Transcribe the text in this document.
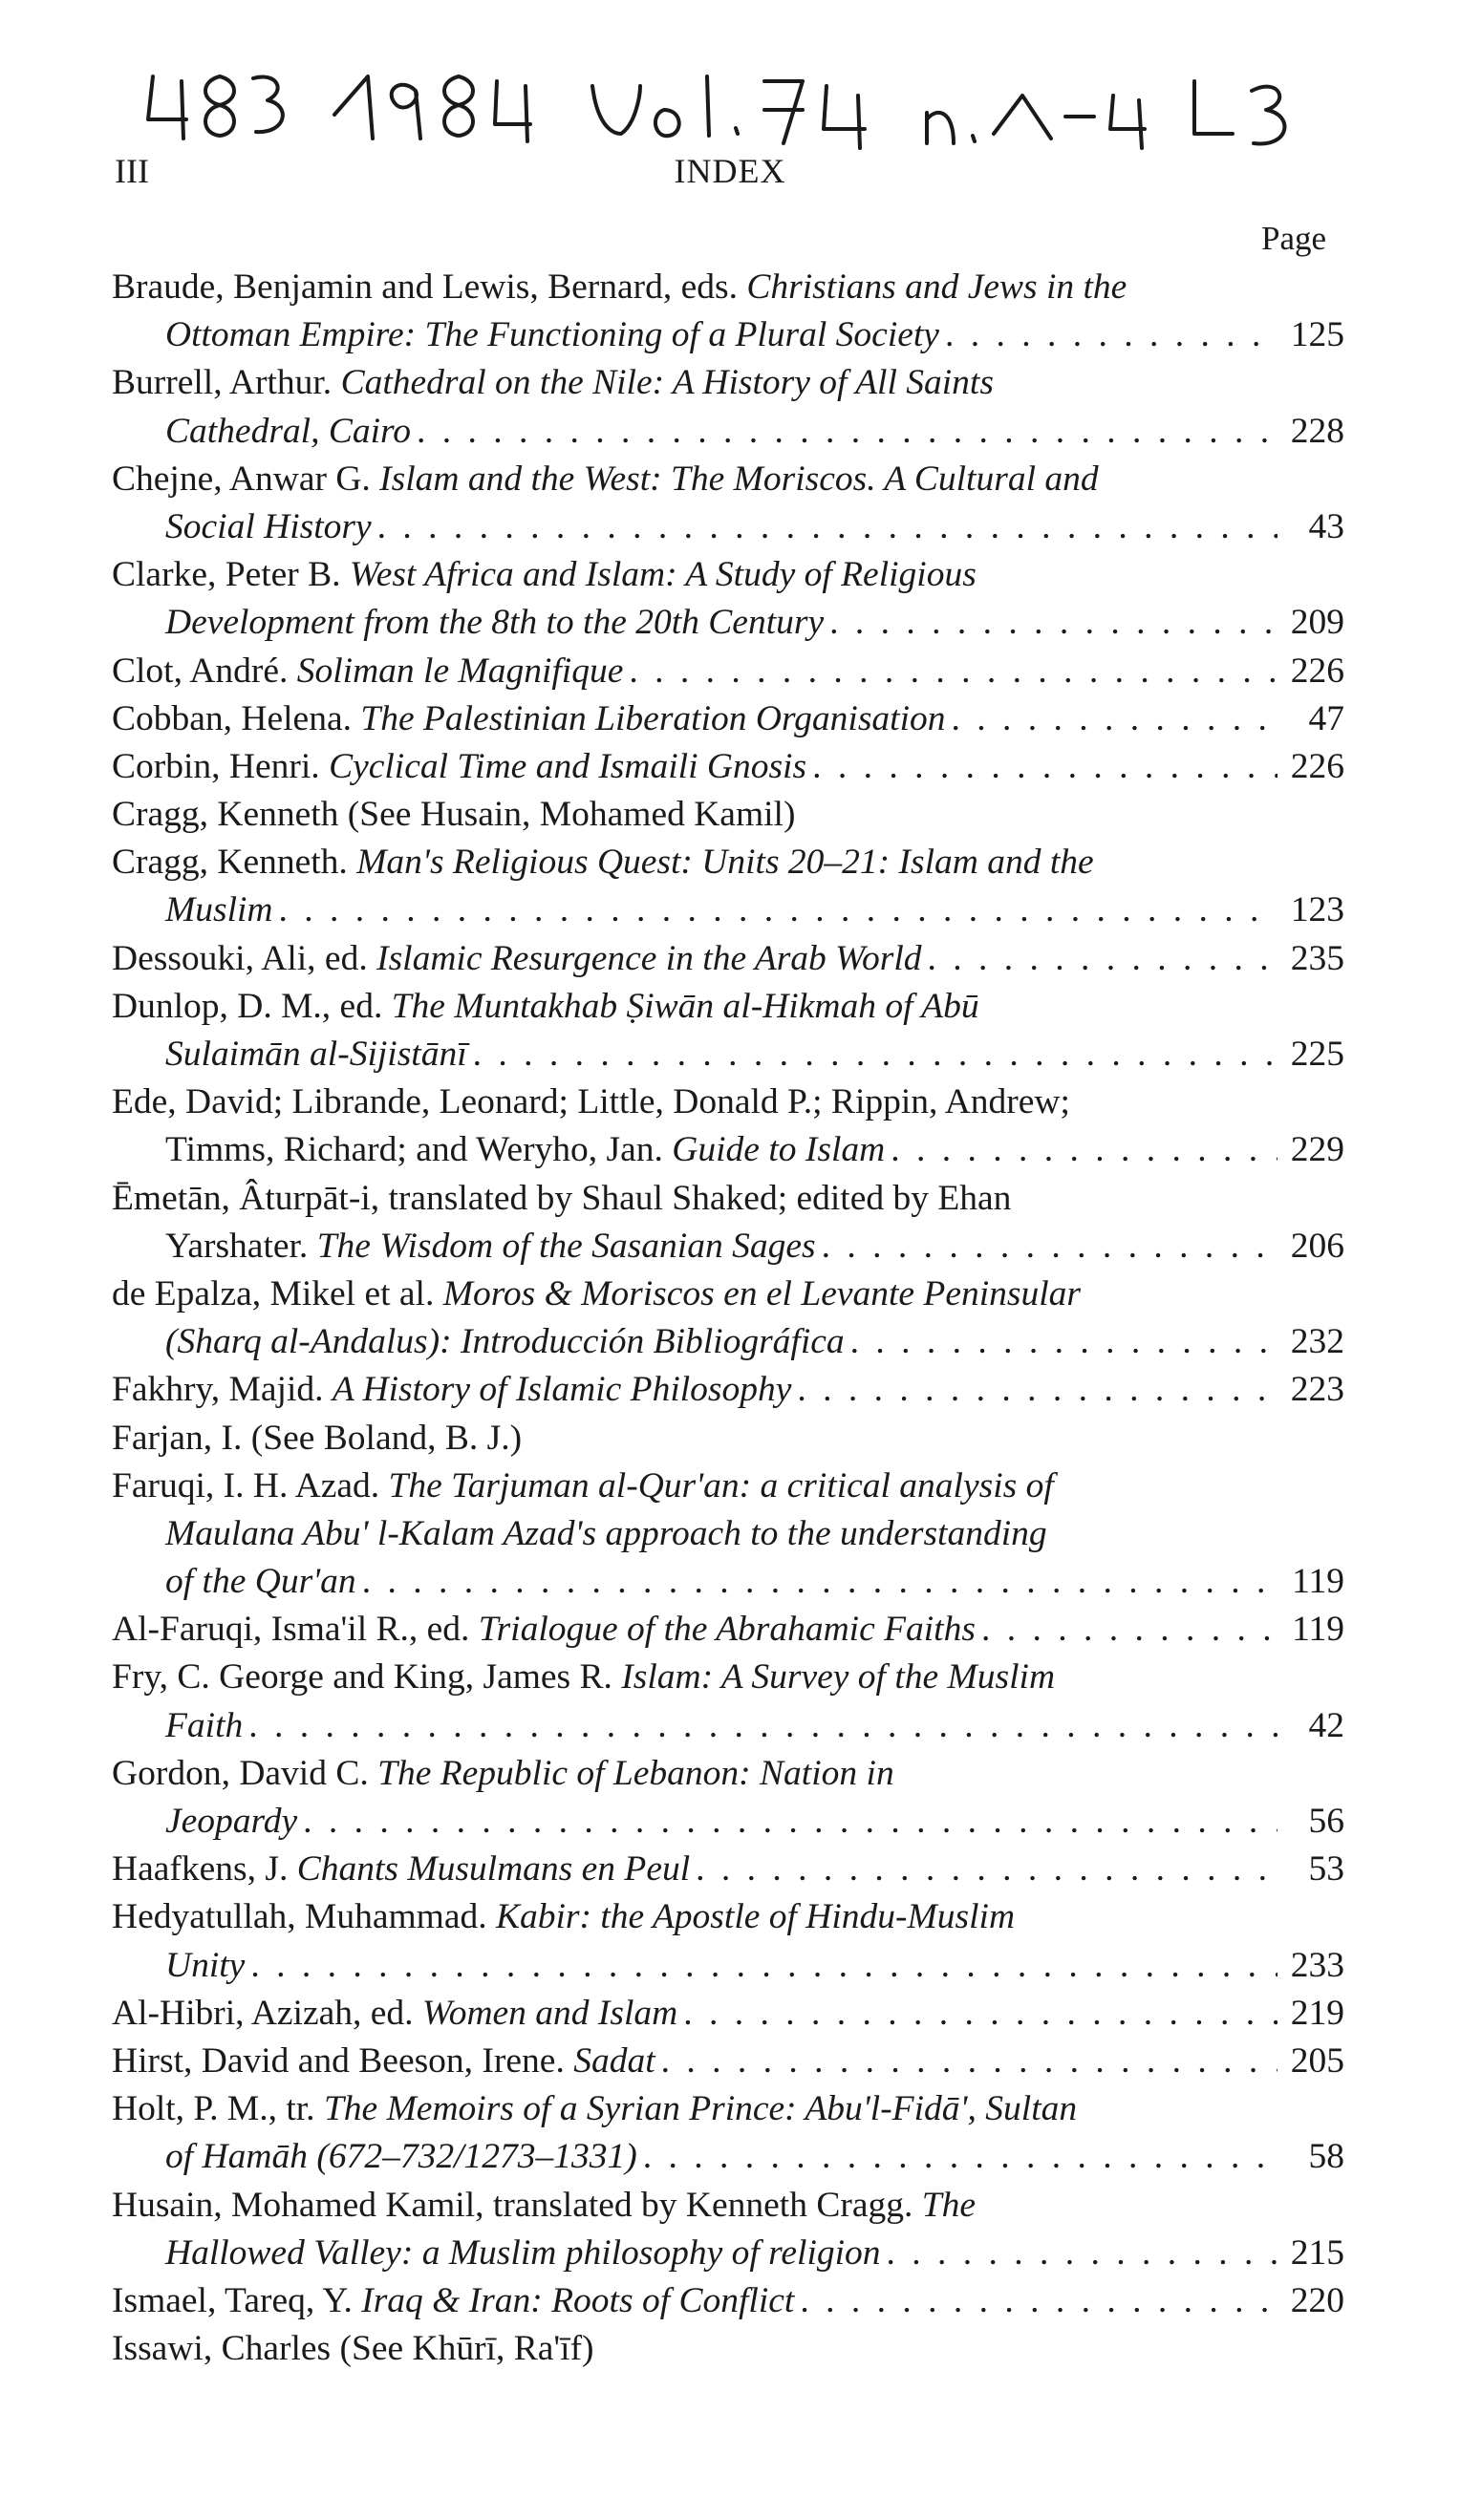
III	INDEX
Page
Braude, Benjamin and Lewis, Bernard, eds. Christians and Jews in the
Ottoman Empire: The Functioning of a Plural Society . . .	125
Burrell, Arthur. Cathedral on the Nile: A History of All Saints
Cathedral, Cairo . . .	228
Chejne, Anwar G. Islam and the West: The Moriscos. A Cultural and
Social History . . .	43
Clarke, Peter B. West Africa and Islam: A Study of Religious
Development from the 8th to the 20th Century . . .	209
Clot, André. Soliman le Magnifique . . .	226
Cobban, Helena. The Palestinian Liberation Organisation . . .	47
Corbin, Henri. Cyclical Time and Ismaili Gnosis . . .	226
Cragg, Kenneth (See Husain, Mohamed Kamil)
Cragg, Kenneth. Man's Religious Quest: Units 20–21: Islam and the
Muslim . . .	123
Dessouki, Ali, ed. Islamic Resurgence in the Arab World . . .	235
Dunlop, D. M., ed. The Muntakhab Ṣiwān al-Hikmah of Abū
Sulaimān al-Sijistānī . . .	225
Ede, David; Librande, Leonard; Little, Donald P.; Rippin, Andrew;
Timms, Richard; and Weryho, Jan. Guide to Islam . . .	229
Ēmetān, Âturpāt-i, translated by Shaul Shaked; edited by Ehan
Yarshater. The Wisdom of the Sasanian Sages . . .	206
de Epalza, Mikel et al. Moros & Moriscos en el Levante Peninsular
(Sharq al-Andalus): Introducción Bibliográfica . . .	232
Fakhry, Majid. A History of Islamic Philosophy . . .	223
Farjan, I. (See Boland, B. J.)
Faruqi, I. H. Azad. The Tarjuman al-Qur'an: a critical analysis of
Maulana Abu' l-Kalam Azad's approach to the understanding
of the Qur'an . . .	119
Al-Faruqi, Isma'il R., ed. Trialogue of the Abrahamic Faiths . . .	119
Fry, C. George and King, James R. Islam: A Survey of the Muslim
Faith . . .	42
Gordon, David C. The Republic of Lebanon: Nation in
Jeopardy . . .	56
Haafkens, J. Chants Musulmans en Peul . . .	53
Hedyatullah, Muhammad. Kabir: the Apostle of Hindu-Muslim
Unity . . .	233
Al-Hibri, Azizah, ed. Women and Islam . . .	219
Hirst, David and Beeson, Irene. Sadat . . .	205
Holt, P. M., tr. The Memoirs of a Syrian Prince: Abu'l-Fidā', Sultan
of Hamāh (672–732/1273–1331) . . .	58
Husain, Mohamed Kamil, translated by Kenneth Cragg. The
Hallowed Valley: a Muslim philosophy of religion . . .	215
Ismael, Tareq, Y. Iraq & Iran: Roots of Conflict . . .	220
Issawi, Charles (See Khūrī, Ra'īf)
